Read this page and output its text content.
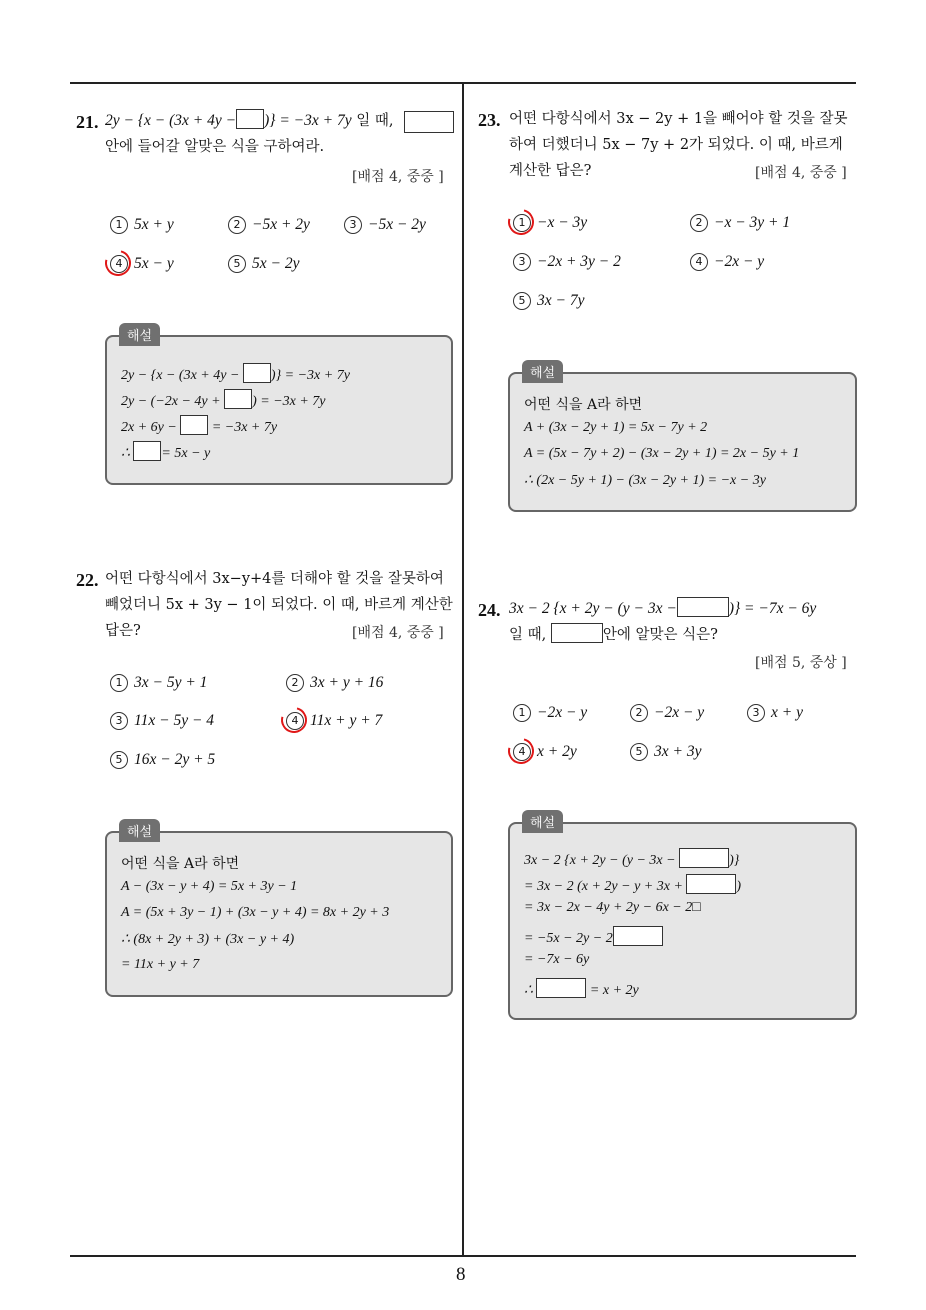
8
21. 2y − {x − (3x + 4y − )} = −3x + 7y 일 때,
안에 들어갈 알맞은 식을 구하여라.
[배점 4, 중중 ]
1 5x + y	2 −5x + 2y	3 −5x − 2y
4 5x − y	5 5x − 2y
해설
2y − {x − (3x + 4y − )} = −3x + 7y
2y − (−2x − 4y + ) = −3x + 7y
2x + 6y −	= −3x + 7y
∴ = 5x − y
22. 어떤 다항식에서 3x−y+4를 더해야 할 것을 잘못하여
빼었더니 5x + 3y − 1이 되었다. 이 때, 바르게 계산한
답은?	[배점 4, 중중 ]
1 3x − 5y + 1	2 3x + y + 16
3 11x − 5y − 4	4 11x + y + 7
5 16x − 2y + 5
해설
어떤 식을 A라 하면
A − (3x − y + 4) = 5x + 3y − 1
A = (5x + 3y − 1) + (3x − y + 4) = 8x + 2y + 3
∴ (8x + 2y + 3) + (3x − y + 4)
= 11x + y + 7
23. 어떤 다항식에서 3x − 2y + 1을 빼어야 할 것을 잘못
하여 더했더니 5x − 7y + 2가 되었다. 이 때, 바르게
계산한 답은?	[배점 4, 중중 ]
1 −x − 3y	2 −x − 3y + 1
3 −2x + 3y − 2	4 −2x − y
5 3x − 7y
해설
어떤 식을 A라 하면
A + (3x − 2y + 1) = 5x − 7y + 2
A = (5x − 7y + 2) − (3x − 2y + 1) = 2x − 5y + 1
∴ (2x − 5y + 1) − (3x − 2y + 1) = −x − 3y
24. 3x − 2 {x + 2y − (y − 3x −	)} = −7x − 6y
일 때,	안에 알맞은 식은?
[배점 5, 중상 ]
1 −2x − y	2 −2x − y	3 x + y
4 x + 2y	5 3x + 3y
해설
3x − 2 {x + 2y − (y − 3x −	)}
= 3x − 2 (x + 2y − y + 3x +	)
= 3x − 2x − 4y + 2y − 6x − 2□
= −5x − 2y − 2
= −7x − 6y
∴	= x + 2y
